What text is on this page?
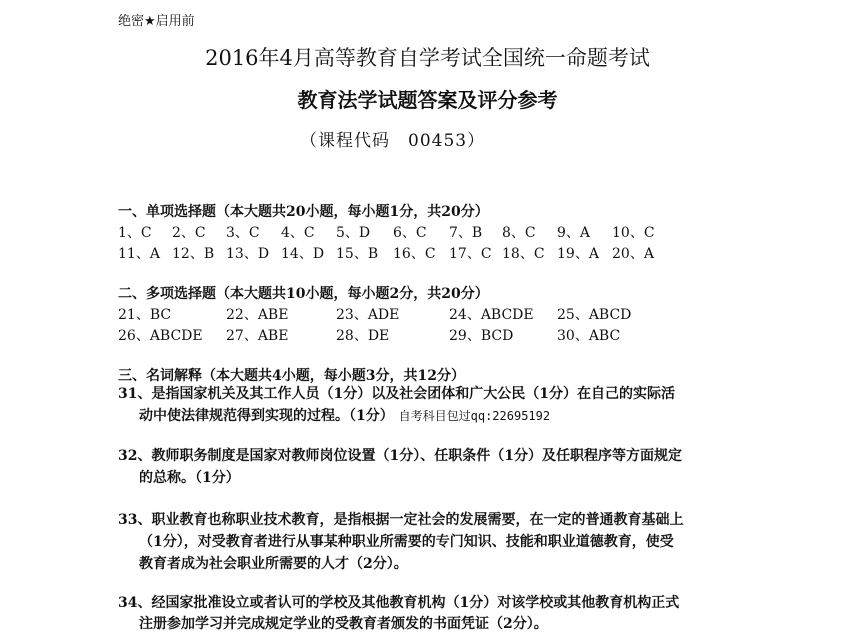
绝密★启用前
2016年4月高等教育自学考试全国统一命题考试
教育法学试题答案及评分参考
（课程代码　00453）
一、单项选择题（本大题共20小题，每小题1分，共20分）
1、C 2、C 3、C 4、C 5、D 6、C 7、B 8、C 9、A 10、C
11、A 12、B 13、D 14、D 15、B 16、C 17、C 18、C 19、A 20、A
二、多项选择题（本大题共10小题，每小题2分，共20分）
21、BC	22、ABE	23、ADE	24、ABCDE 25、ABCD
26、ABCDE 27、ABE	28、DE	29、BCD	30、ABC
三、名词解释（本大题共4小题，每小题3分，共12分）
31、是指国家机关及其工作人员（1分）以及社会团体和广大公民（1分）在自己的实际活
动中使法律规范得到实现的过程。（1分） 自考科目包过qq:22695192
32、教师职务制度是国家对教师岗位设置（1分）、任职条件（1分）及任职程序等方面规定
的总称。（1分）
33、职业教育也称职业技术教育，是指根据一定社会的发展需要，在一定的普通教育基础上
（1分），对受教育者进行从事某种职业所需要的专门知识、技能和职业道德教育，使受
教育者成为社会职业所需要的人才（2分）。
34、经国家批准设立或者认可的学校及其他教育机构（1分）对该学校或其他教育机构正式
注册参加学习并完成规定学业的受教育者颁发的书面凭证（2分）。
